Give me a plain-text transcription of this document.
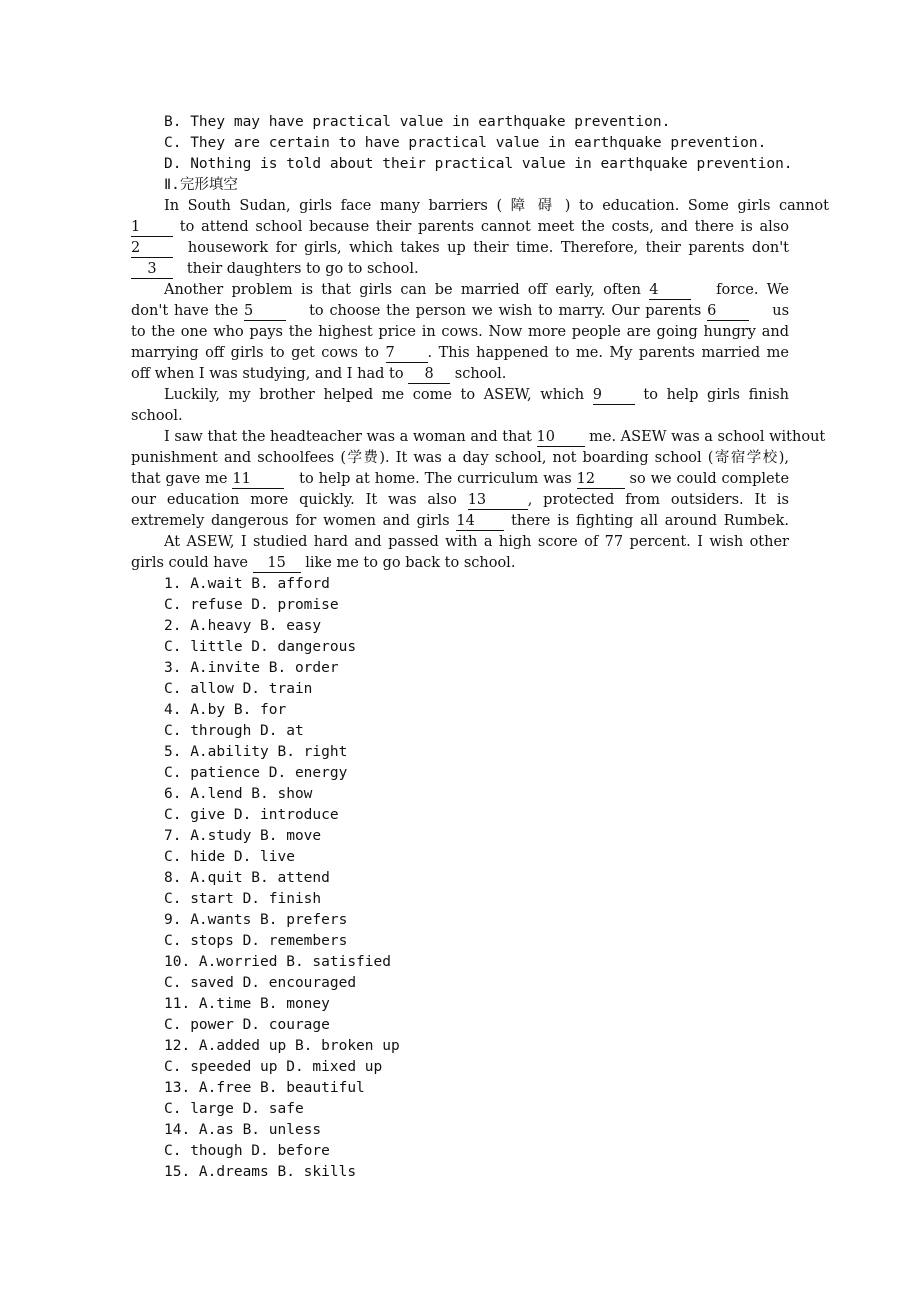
B. They may have practical value in earthquake prevention.
C. They are certain to have practical value in earthquake prevention.
D. Nothing is told about their practical value in earthquake prevention.
Ⅱ.完形填空
In South Sudan, girls face many barriers ( 障 碍 ) to education. Some girls cannot
1	to attend school because their parents cannot meet the costs, and there is also
2	housework for girls, which takes up their time. Therefore, their parents don't
3 their daughters to go to school.
Another problem is that girls can be married off early, often 4	force. We
don't have the 5	to choose the person we wish to marry. Our parents 6	us
to the one who pays the highest price in cows. Now more people are going hungry and
marrying off girls to get cows to 7 . This happened to me. My parents married me
off when I was studying, and I had to 8 school.
Luckily, my brother helped me come to ASEW, which 9	to help girls finish
school.
I saw that the headteacher was a woman and that 10 me. ASEW was a school without
punishment and schoolfees (学费). It was a day school, not boarding school (寄宿学校),
that gave me 11	to help at home. The curriculum was 12 so we could complete
our education more quickly. It was also 13	, protected from outsiders. It is
extremely dangerous for women and girls 14	there is fighting all around Rumbek.
At ASEW, I studied hard and passed with a high score of 77 percent. I wish other
girls could have 15 like me to go back to school.
1. A.wait B. afford
C. refuse D. promise
2. A.heavy B. easy
C. little D. dangerous
3. A.invite B. order
C. allow D. train
4. A.by B. for
C. through D. at
5. A.ability B. right
C. patience D. energy
6. A.lend B. show
C. give D. introduce
7. A.study B. move
C. hide D. live
8. A.quit B. attend
C. start D. finish
9. A.wants B. prefers
C. stops D. remembers
10. A.worried B. satisfied
C. saved D. encouraged
11. A.time B. money
C. power D. courage
12. A.added up B. broken up
C. speeded up D. mixed up
13. A.free B. beautiful
C. large D. safe
14. A.as B. unless
C. though D. before
15. A.dreams B. skills
